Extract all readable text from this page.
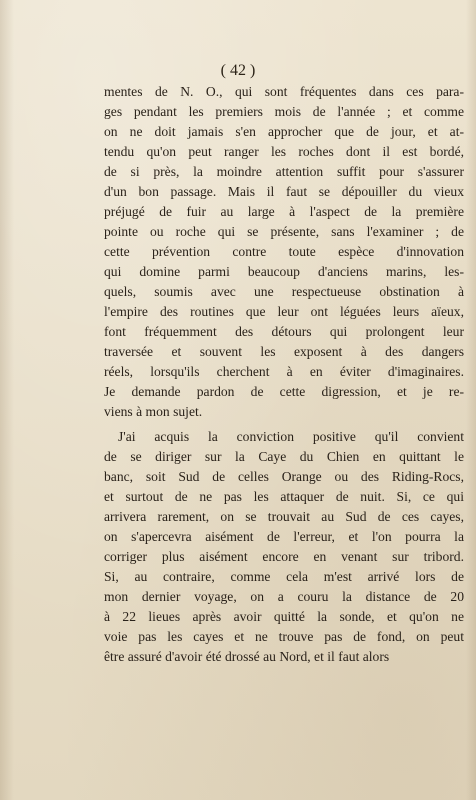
( 42 )
mentes de N. O., qui sont fréquentes dans ces para-
ges pendant les premiers mois de l'année ; et comme
on ne doit jamais s'en approcher que de jour, et at-
tendu qu'on peut ranger les roches dont il est bordé,
de si près, la moindre attention suffit pour s'assurer
d'un bon passage. Mais il faut se dépouiller du vieux
préjugé de fuir au large à l'aspect de la première
pointe ou roche qui se présente, sans l'examiner ; de
cette prévention contre toute espèce d'innovation
qui domine parmi beaucoup d'anciens marins, les-
quels, soumis avec une respectueuse obstination à
l'empire des routines que leur ont léguées leurs aïeux,
font fréquemment des détours qui prolongent leur
traversée et souvent les exposent à des dangers
réels, lorsqu'ils cherchent à en éviter d'imaginaires.
Je demande pardon de cette digression, et je re-
viens à mon sujet.
J'ai acquis la conviction positive qu'il convient
de se diriger sur la Caye du Chien en quittant le
banc, soit Sud de celles Orange ou des Riding-Rocs,
et surtout de ne pas les attaquer de nuit. Si, ce qui
arrivera rarement, on se trouvait au Sud de ces cayes,
on s'apercevra aisément de l'erreur, et l'on pourra la
corriger plus aisément encore en venant sur tribord.
Si, au contraire, comme cela m'est arrivé lors de
mon dernier voyage, on a couru la distance de 20
à 22 lieues après avoir quitté la sonde, et qu'on ne
voie pas les cayes et ne trouve pas de fond, on peut
être assuré d'avoir été drossé au Nord, et il faut alors
